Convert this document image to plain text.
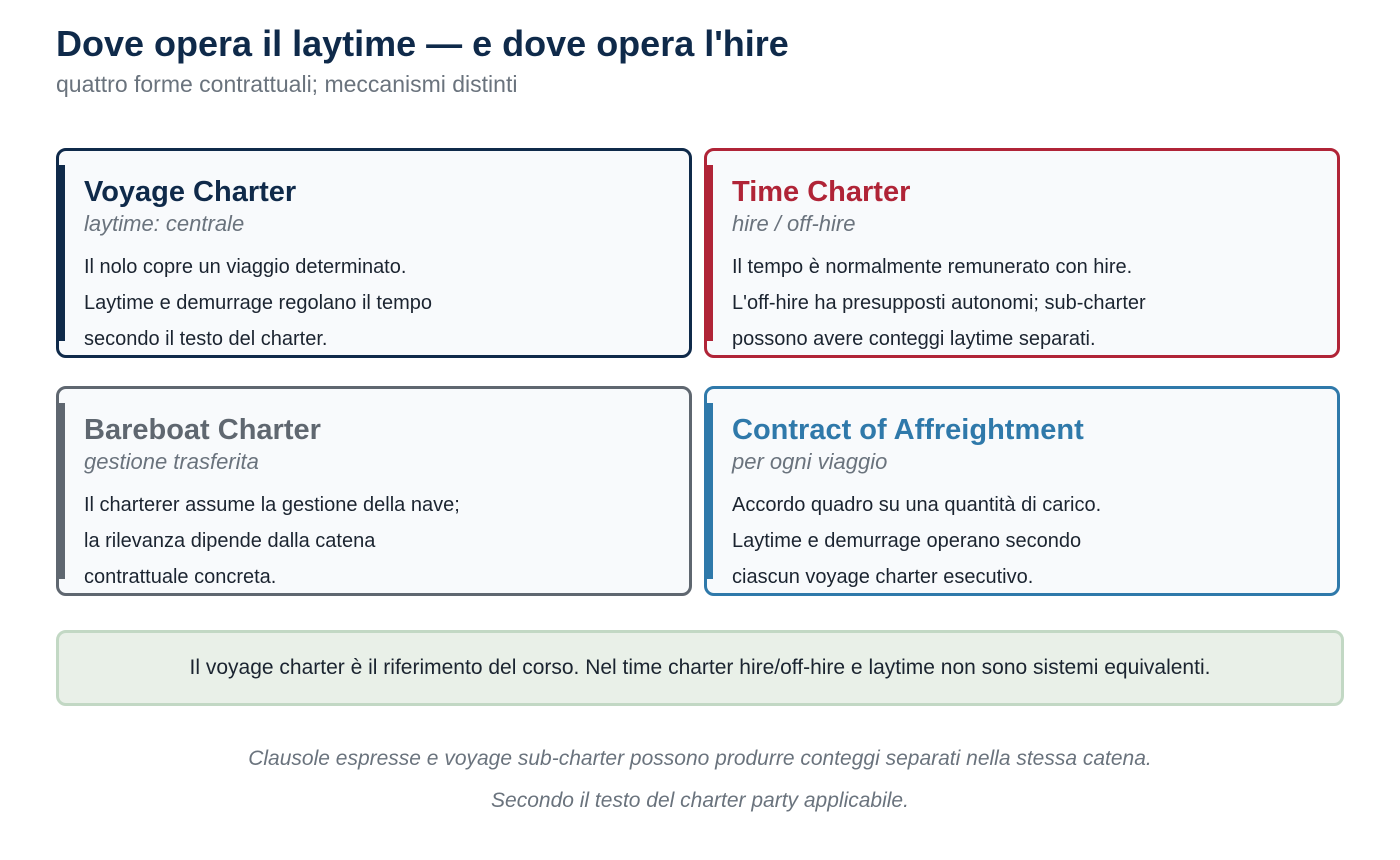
Dove opera il laytime — e dove opera l'hire

quattro forme contrattuali; meccanismi distinti

Voyage Charter

laytime: centrale

Il nolo copre un viaggio determinato.
Laytime e demurrage regolano il tempo
secondo il testo del charter.
Time Charter

hire / off-hire

Il tempo è normalmente remunerato con hire.
L'off-hire ha presupposti autonomi; sub-charter
possono avere conteggi laytime separati.
Bareboat Charter

gestione trasferita

Il charterer assume la gestione della nave;
la rilevanza dipende dalla catena
contrattuale concreta.
Contract of Affreightment

per ogni viaggio

Accordo quadro su una quantità di carico.
Laytime e demurrage operano secondo
ciascun voyage charter esecutivo.
Il voyage charter è il riferimento del corso. Nel time charter hire/off-hire e laytime non sono sistemi equivalenti.
Clausole espresse e voyage sub-charter possono produrre conteggi separati nella stessa catena.
Secondo il testo del charter party applicabile.
